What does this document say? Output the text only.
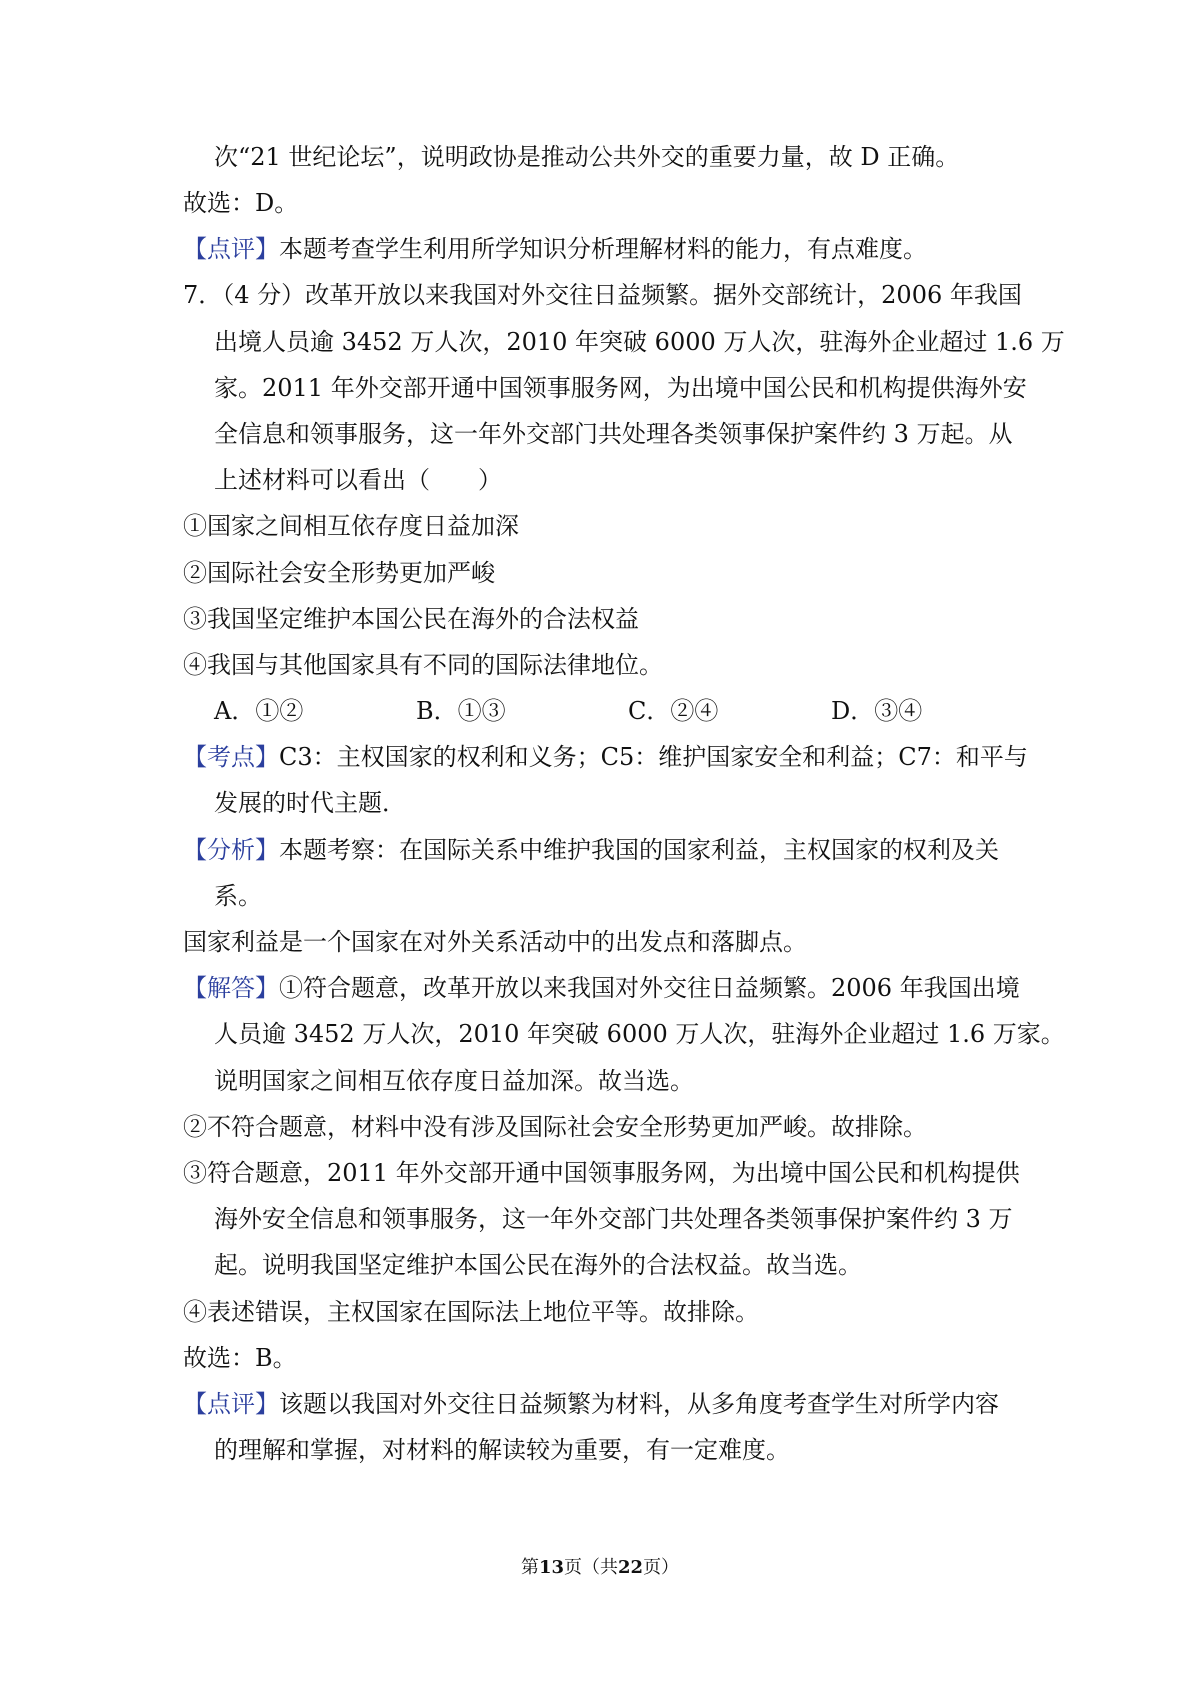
次“21 世纪论坛”，说明政协是推动公共外交的重要力量，故 D 正确。
故选：D。
【点评】本题考查学生利用所学知识分析理解材料的能力，有点难度。
7．（4 分）改革开放以来我国对外交往日益频繁。据外交部统计，2006 年我国
出境人员逾 3452 万人次，2010 年突破 6000 万人次，驻海外企业超过 1.6 万
家。2011 年外交部开通中国领事服务网，为出境中国公民和机构提供海外安
全信息和领事服务，这一年外交部门共处理各类领事保护案件约 3 万起。从
上述材料可以看出（　　）
①国家之间相互依存度日益加深
②国际社会安全形势更加严峻
③我国坚定维护本国公民在海外的合法权益
④我国与其他国家具有不同的国际法律地位。
A．①②	B．①③	C．②④	D．③④
【考点】C3：主权国家的权利和义务；C5：维护国家安全和利益；C7：和平与
发展的时代主题．
【分析】本题考察：在国际关系中维护我国的国家利益，主权国家的权利及关
系。
国家利益是一个国家在对外关系活动中的出发点和落脚点。
【解答】①符合题意，改革开放以来我国对外交往日益频繁。2006 年我国出境
人员逾 3452 万人次，2010 年突破 6000 万人次，驻海外企业超过 1.6 万家。
说明国家之间相互依存度日益加深。故当选。
②不符合题意，材料中没有涉及国际社会安全形势更加严峻。故排除。
③符合题意，2011 年外交部开通中国领事服务网，为出境中国公民和机构提供
海外安全信息和领事服务，这一年外交部门共处理各类领事保护案件约 3 万
起。说明我国坚定维护本国公民在海外的合法权益。故当选。
④表述错误，主权国家在国际法上地位平等。故排除。
故选：B。
【点评】该题以我国对外交往日益频繁为材料，从多角度考查学生对所学内容
的理解和掌握，对材料的解读较为重要，有一定难度。
第13页（共22页）
